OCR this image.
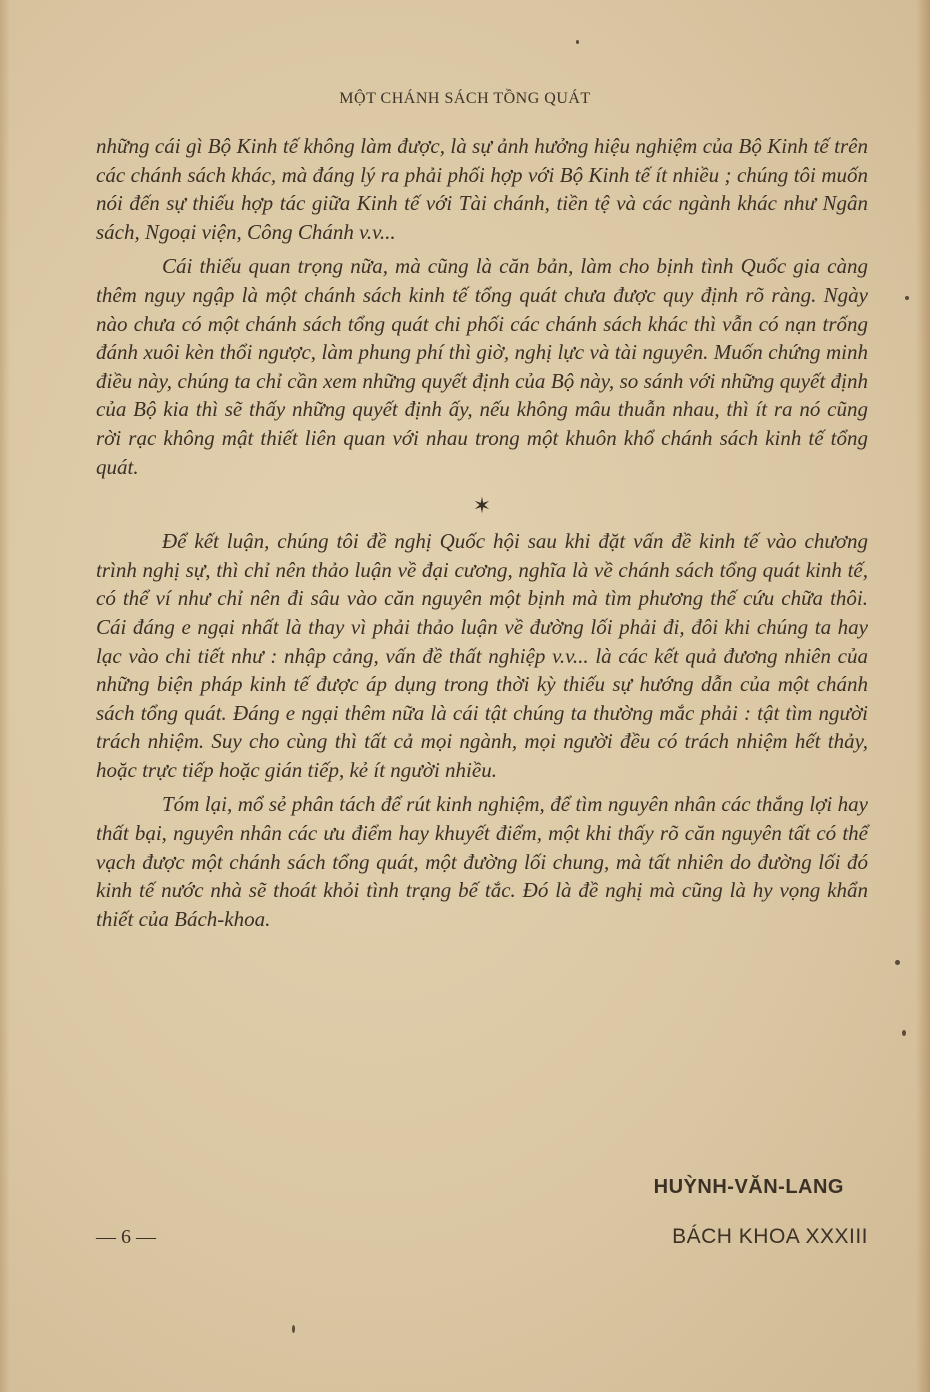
MỘT CHÁNH SÁCH TỒNG QUÁT

những cái gì Bộ Kinh tế không làm được, là sự ảnh hưởng hiệu nghiệm của Bộ Kinh tế trên các chánh sách khác, mà đáng lý ra phải phối hợp với Bộ Kinh tế ít nhiều ; chúng tôi muốn nói đến sự thiếu hợp tác giữa Kinh tế với Tài chánh, tiền tệ và các ngành khác như Ngân sách, Ngoại viện, Công Chánh v.v...

Cái thiếu quan trọng nữa, mà cũng là căn bản, làm cho bịnh tình Quốc gia càng thêm nguy ngập là một chánh sách kinh tế tổng quát chưa được quy định rõ ràng. Ngày nào chưa có một chánh sách tổng quát chi phối các chánh sách khác thì vẫn có nạn trống đánh xuôi kèn thổi ngược, làm phung phí thì giờ, nghị lực và tài nguyên. Muốn chứng minh điều này, chúng ta chỉ cần xem những quyết định của Bộ này, so sánh với những quyết định của Bộ kia thì sẽ thấy những quyết định ấy, nếu không mâu thuẫn nhau, thì ít ra nó cũng rời rạc không mật thiết liên quan với nhau trong một khuôn khổ chánh sách kinh tế tổng quát.

✶

Để kết luận, chúng tôi đề nghị Quốc hội sau khi đặt vấn đề kinh tế vào chương trình nghị sự, thì chỉ nên thảo luận về đại cương, nghĩa là về chánh sách tổng quát kinh tế, có thể ví như chỉ nên đi sâu vào căn nguyên một bịnh mà tìm phương thế cứu chữa thôi. Cái đáng e ngại nhất là thay vì phải thảo luận về đường lối phải đi, đôi khi chúng ta hay lạc vào chi tiết như : nhập cảng, vấn đề thất nghiệp v.v... là các kết quả đương nhiên của những biện pháp kinh tế được áp dụng trong thời kỳ thiếu sự hướng dẫn của một chánh sách tổng quát. Đáng e ngại thêm nữa là cái tật chúng ta thường mắc phải : tật tìm người trách nhiệm. Suy cho cùng thì tất cả mọi ngành, mọi người đều có trách nhiệm hết thảy, hoặc trực tiếp hoặc gián tiếp, kẻ ít người nhiều.

Tóm lại, mổ sẻ phân tách để rút kinh nghiệm, để tìm nguyên nhân các thắng lợi hay thất bại, nguyên nhân các ưu điểm hay khuyết điểm, một khi thấy rõ căn nguyên tất có thể vạch được một chánh sách tổng quát, một đường lối chung, mà tất nhiên do đường lối đó kinh tế nước nhà sẽ thoát khỏi tình trạng bế tắc. Đó là đề nghị mà cũng là hy vọng khẩn thiết của Bách-khoa.

HUỲNH-VĂN-LANG
— 6 —	BÁCH KHOA XXXIII
